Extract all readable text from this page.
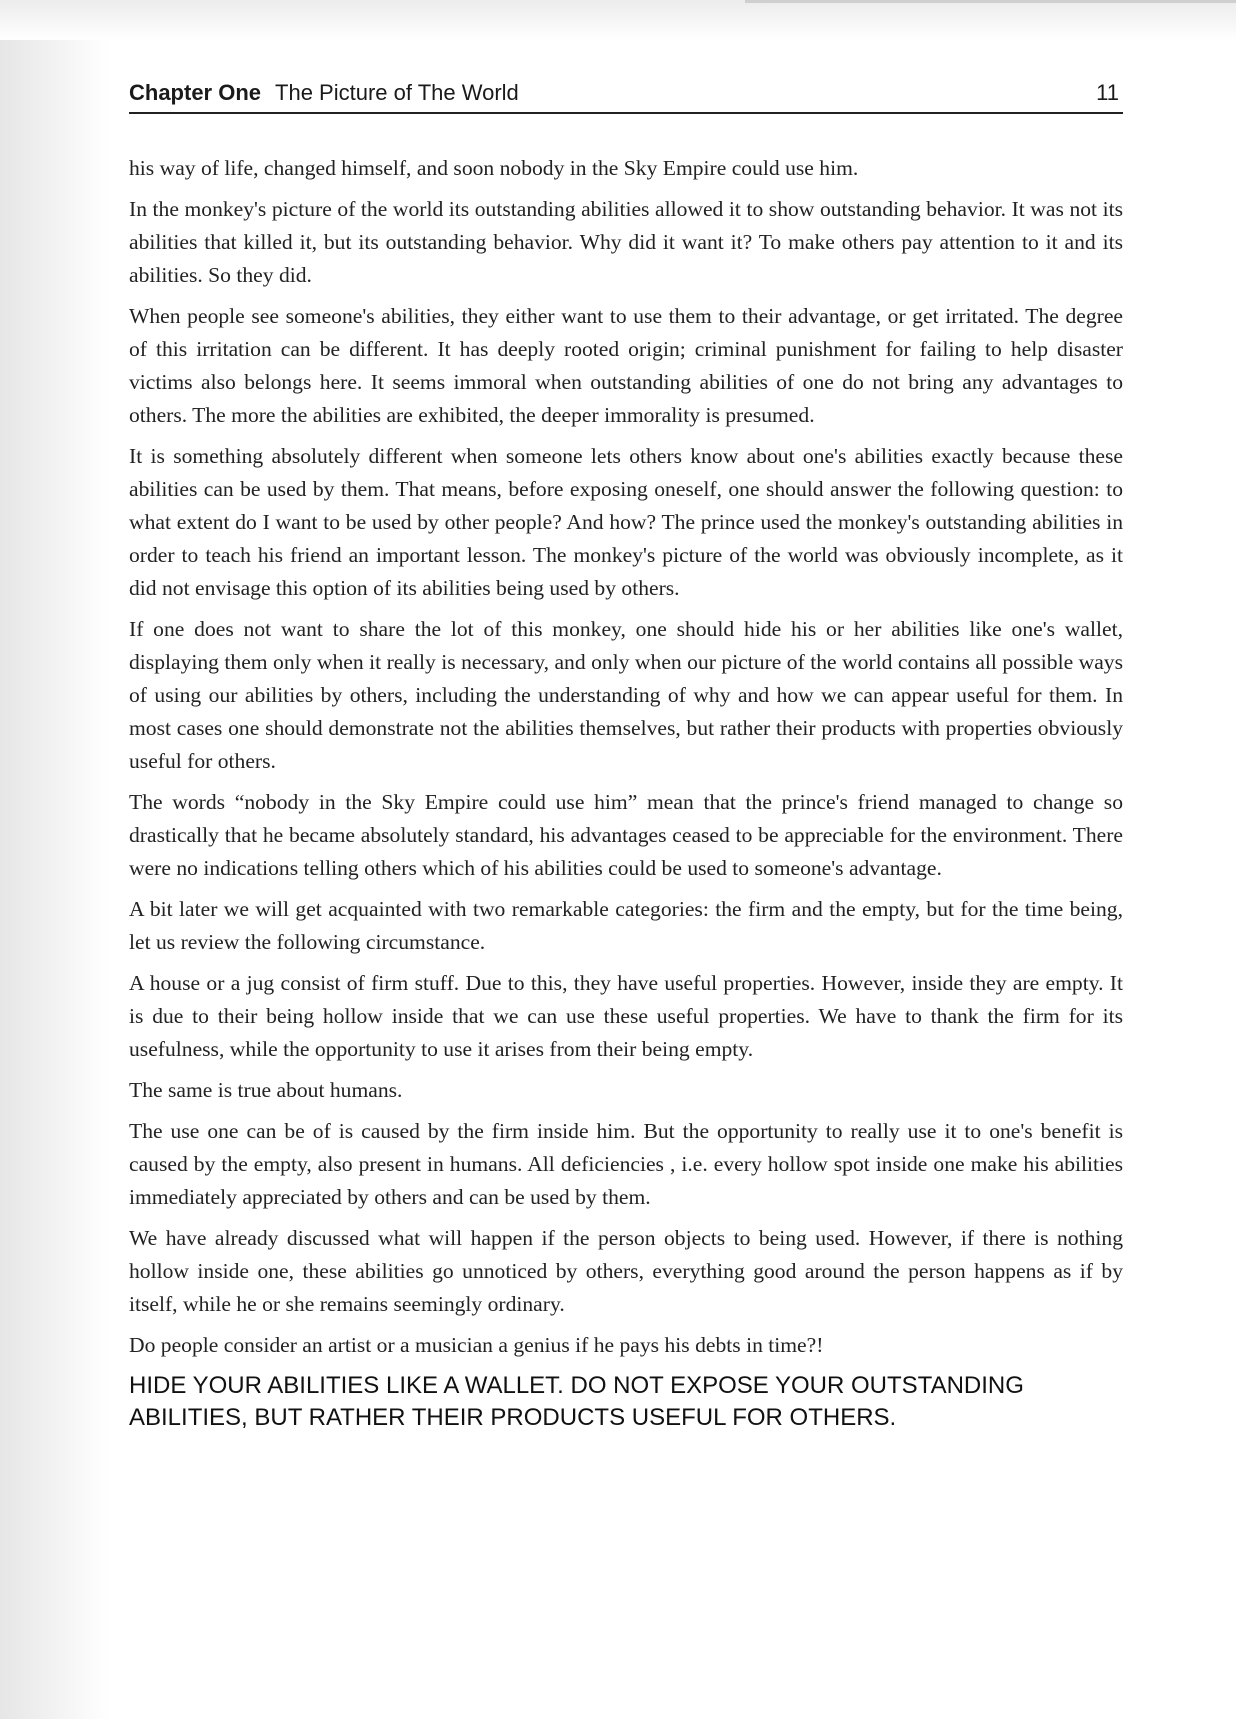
Chapter One The Picture of The World	11

his way of life, changed himself, and soon nobody in the Sky Empire could use him.

In the monkey's picture of the world its outstanding abilities allowed it to show outstanding behavior. It was not its abilities that killed it, but its outstanding behavior. Why did it want it? To make others pay attention to it and its abilities. So they did.

When people see someone's abilities, they either want to use them to their advantage, or get irritated. The degree of this irritation can be different. It has deeply rooted origin; criminal punishment for failing to help disaster victims also belongs here. It seems immoral when outstanding abilities of one do not bring any advantages to others. The more the abilities are exhibited, the deeper immorality is presumed.

It is something absolutely different when someone lets others know about one's abilities exactly because these abilities can be used by them. That means, before exposing oneself, one should answer the following question: to what extent do I want to be used by other people? And how? The prince used the monkey's outstanding abilities in order to teach his friend an important lesson. The monkey's picture of the world was obviously incomplete, as it did not envisage this option of its abilities being used by others.

If one does not want to share the lot of this monkey, one should hide his or her abilities like one's wallet, displaying them only when it really is necessary, and only when our picture of the world contains all possible ways of using our abilities by others, including the understanding of why and how we can appear useful for them. In most cases one should demonstrate not the abilities themselves, but rather their products with properties obviously useful for others.

The words “nobody in the Sky Empire could use him” mean that the prince's friend managed to change so drastically that he became absolutely standard, his advantages ceased to be appreciable for the environment. There were no indications telling others which of his abilities could be used to someone's advantage.

A bit later we will get acquainted with two remarkable categories: the firm and the empty, but for the time being, let us review the following circumstance.

A house or a jug consist of firm stuff. Due to this, they have useful properties. However, inside they are empty. It is due to their being hollow inside that we can use these useful properties. We have to thank the firm for its usefulness, while the opportunity to use it arises from their being empty.

The same is true about humans.

The use one can be of is caused by the firm inside him. But the opportunity to really use it to one's benefit is caused by the empty, also present in humans. All deficiencies , i.e. every hollow spot inside one make his abilities immediately appreciated by others and can be used by them.

We have already discussed what will happen if the person objects to being used. However, if there is nothing hollow inside one, these abilities go unnoticed by others, everything good around the person happens as if by itself, while he or she remains seemingly ordinary.

Do people consider an artist or a musician a genius if he pays his debts in time?!

HIDE YOUR ABILITIES LIKE A WALLET. DO NOT EXPOSE YOUR OUTSTANDING ABILITIES, BUT RATHER THEIR PRODUCTS USEFUL FOR OTHERS.
